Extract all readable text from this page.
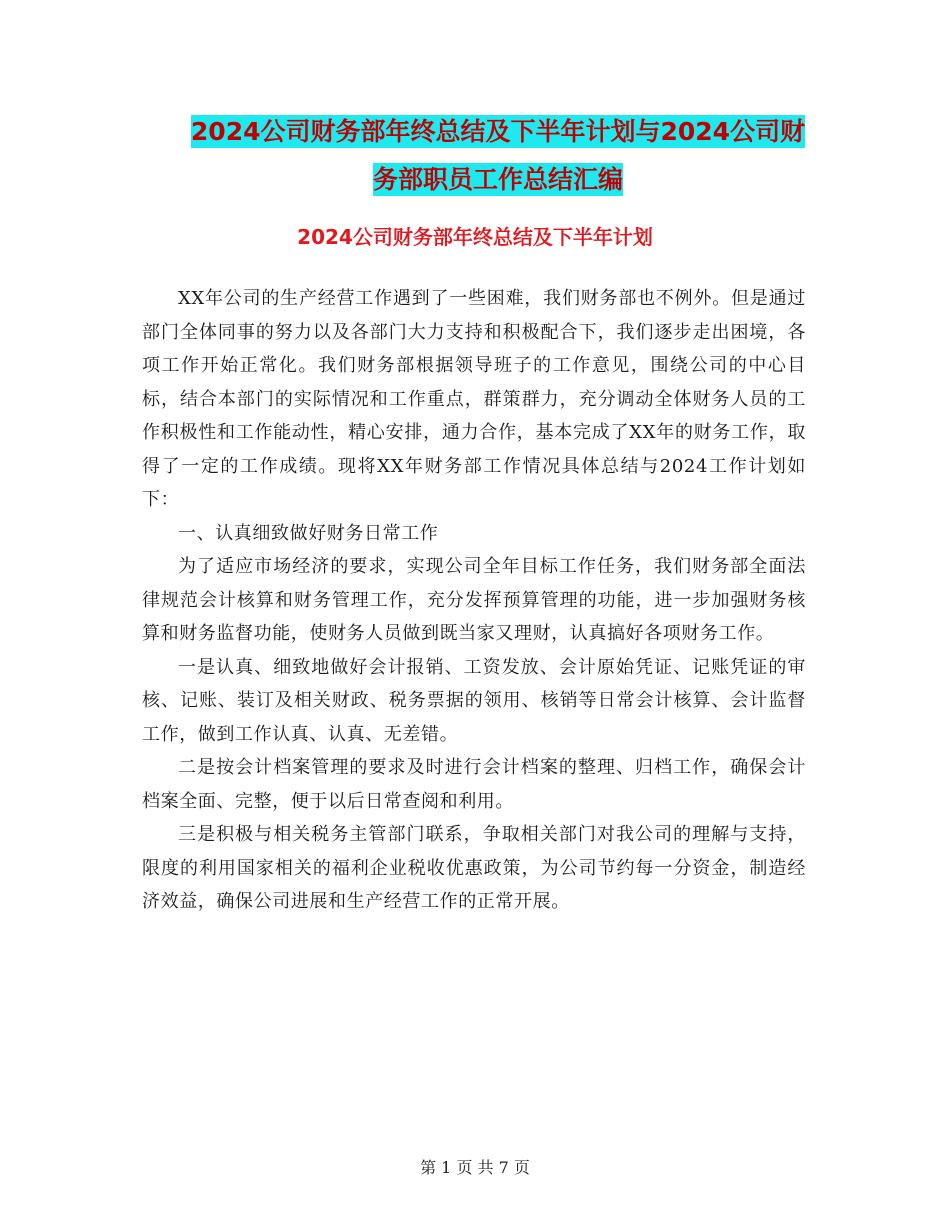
2024公司财务部年终总结及下半年计划与2024公司财
务部职员工作总结汇编
2024公司财务部年终总结及下半年计划

XX年公司的生产经营工作遇到了一些困难，我们财务部也不例外。但是通过部门全体同事的努力以及各部门大力支持和积极配合下，我们逐步走出困境，各项工作开始正常化。我们财务部根据领导班子的工作意见，围绕公司的中心目标，结合本部门的实际情况和工作重点，群策群力，充分调动全体财务人员的工作积极性和工作能动性，精心安排，通力合作，基本完成了XX年的财务工作，取得了一定的工作成绩。现将XX年财务部工作情况具体总结与2024工作计划如下：

一、认真细致做好财务日常工作

为了适应市场经济的要求，实现公司全年目标工作任务，我们财务部全面法律规范会计核算和财务管理工作，充分发挥预算管理的功能，进一步加强财务核算和财务监督功能，使财务人员做到既当家又理财，认真搞好各项财务工作。

一是认真、细致地做好会计报销、工资发放、会计原始凭证、记账凭证的审核、记账、装订及相关财政、税务票据的领用、核销等日常会计核算、会计监督工作，做到工作认真、认真、无差错。

二是按会计档案管理的要求及时进行会计档案的整理、归档工作，确保会计档案全面、完整，便于以后日常查阅和利用。

三是积极与相关税务主管部门联系，争取相关部门对我公司的理解与支持，限度的利用国家相关的福利企业税收优惠政策，为公司节约每一分资金，制造经济效益，确保公司进展和生产经营工作的正常开展。

第 1 页 共 7 页
